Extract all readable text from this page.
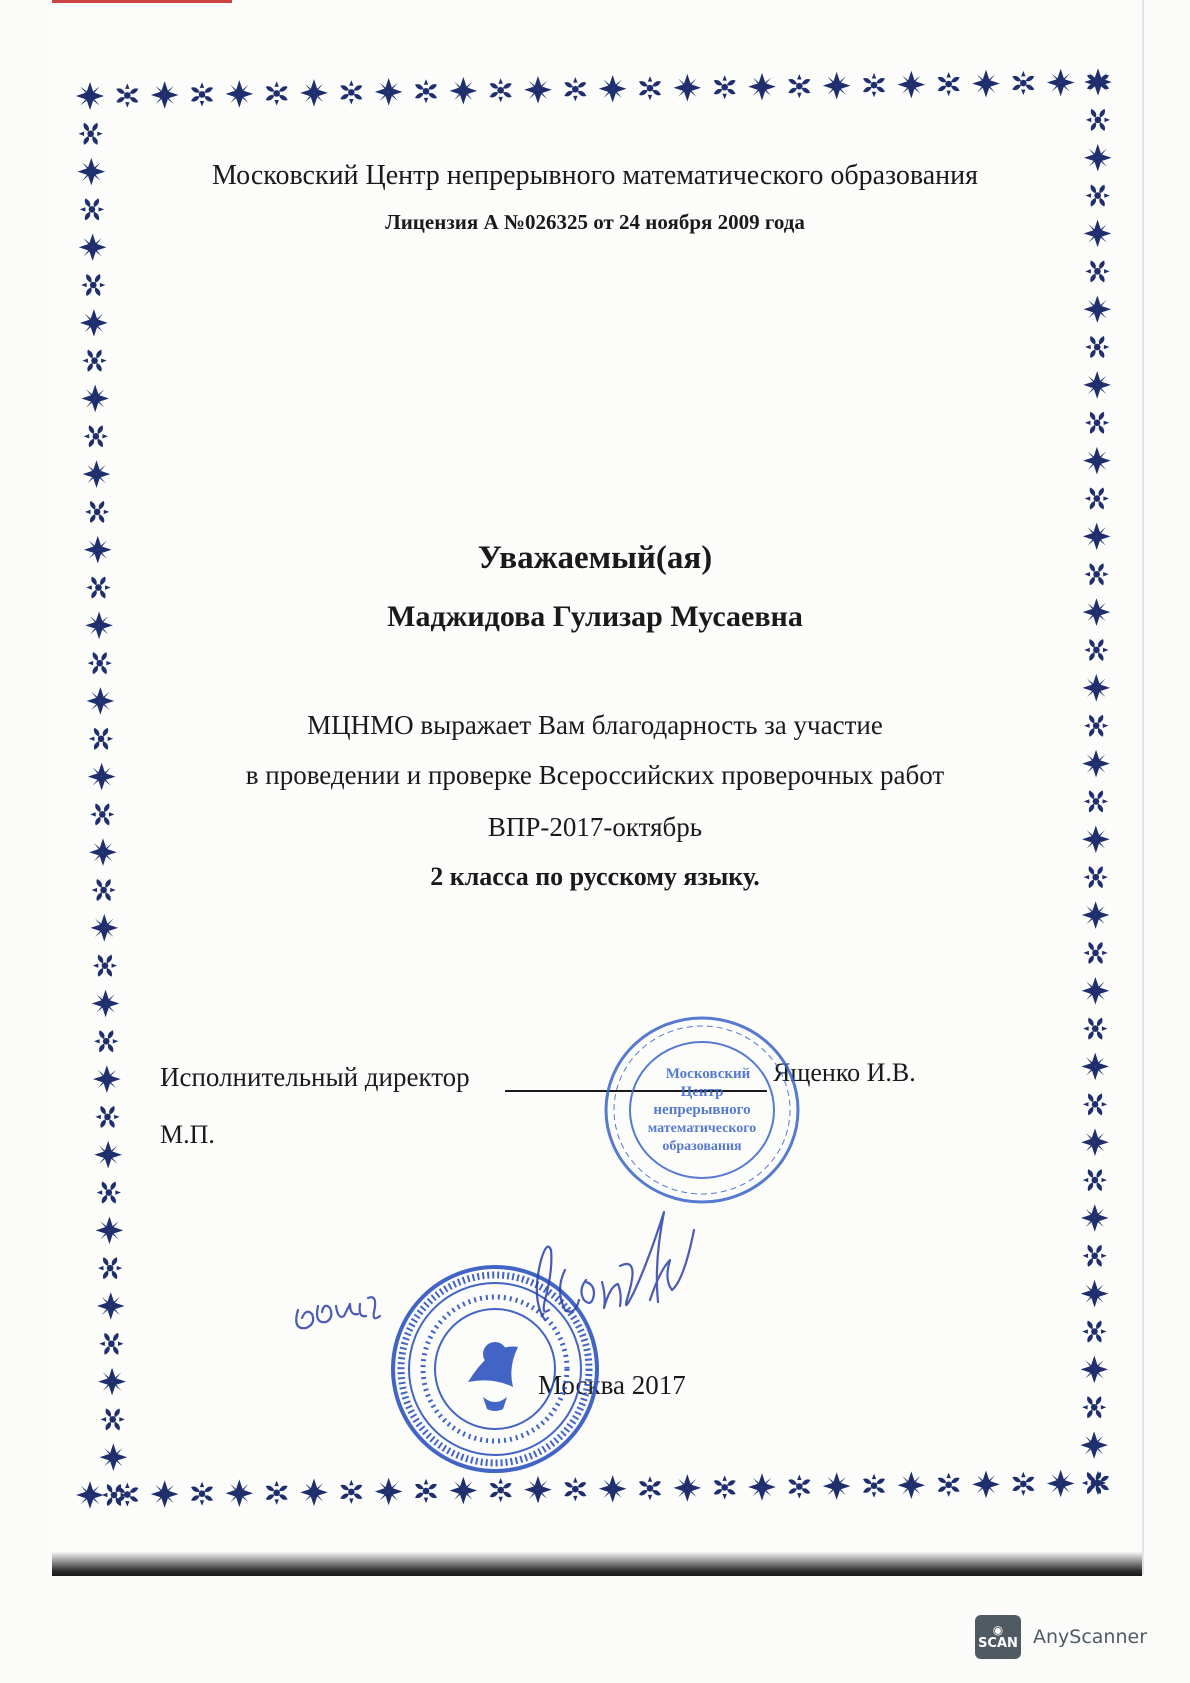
Московский Центр непрерывного математического образования
Лицензия А №026325 от 24 ноября 2009 года
Уважаемый(ая)
Маджидова Гулизар Мусаевна
МЦНМО выражает Вам благодарность за участие
в проведении и проверке Всероссийских проверочных работ
ВПР-2017-октябрь
2 класса по русскому языку.
Исполнительный директор	Ященко И.В.
М.П.
Москва 2017
Московский
Центр
непрерывного
математического
образования
◉
SCAN AnyScanner
